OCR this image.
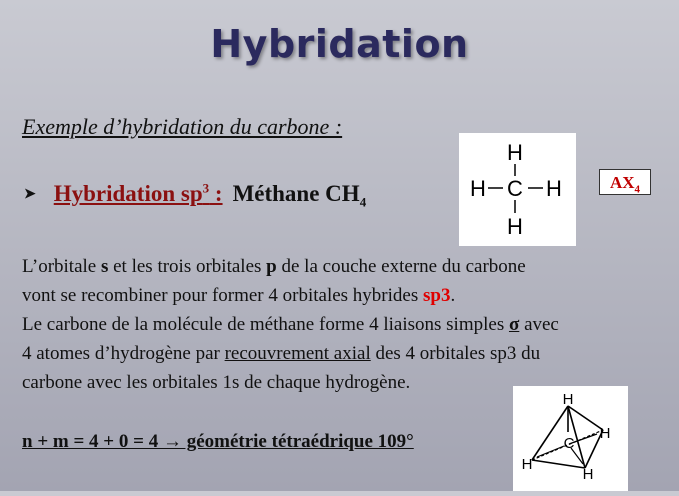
Hybridation
Exemple d’hybridation du carbone :
➤ Hybridation $sp^3$ : Méthane $CH_4$
H
C
H	H
H
$AX_4$

L’orbitale s et les trois orbitales p de la couche externe du carbone

vont se recombiner pour former 4 orbitales hybrides sp3.

Le carbone de la molécule de méthane forme 4 liaisons simples σ avec

4 atomes d’hydrogène par recouvrement axial des 4 orbitales sp3 du

carbone avec les orbitales 1s de chaque hydrogène.

n + m = 4 + 0 = 4 → géométrie tétraédrique 109°
H
H
H
H
C
